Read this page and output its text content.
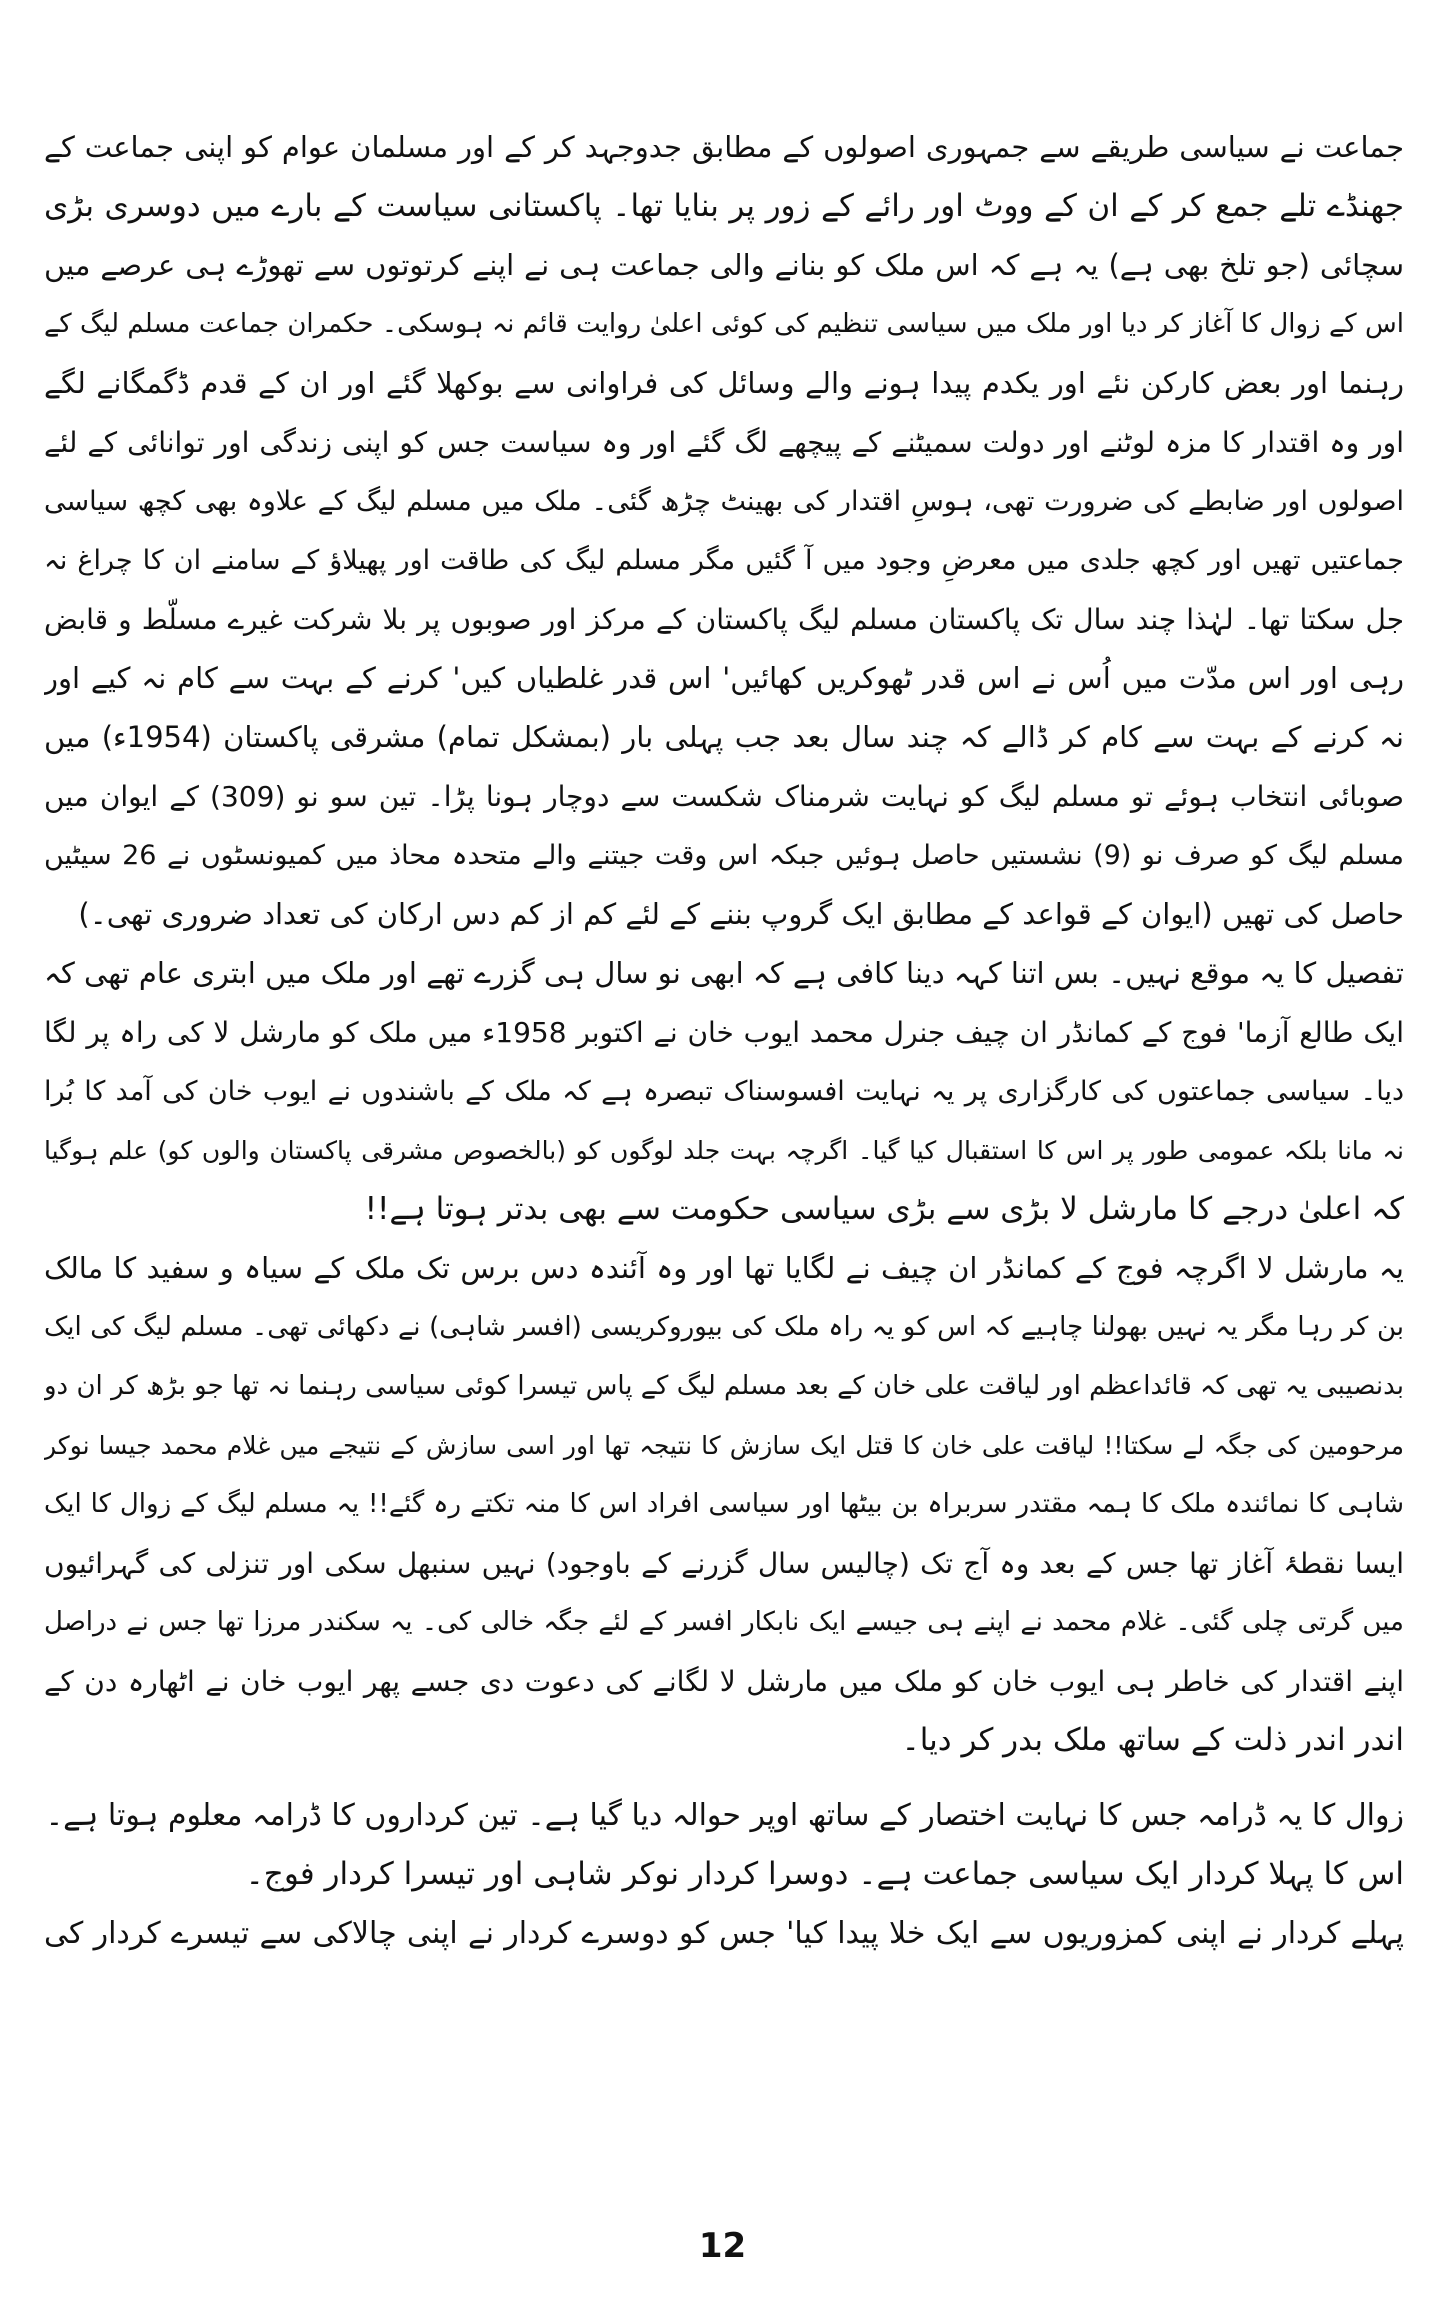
جماعت نے سیاسی طریقے سے جمہوری اصولوں کے مطابق جدوجہد کر کے اور مسلمان عوام کو اپنی جماعت کے
جھنڈے تلے جمع کر کے ان کے ووٹ اور رائے کے زور پر بنایا تھا۔ پاکستانی سیاست کے بارے میں دوسری بڑی
سچائی (جو تلخ بھی ہے) یہ ہے کہ اس ملک کو بنانے والی جماعت ہی نے اپنے کرتوتوں سے تھوڑے ہی عرصے میں
اس کے زوال کا آغاز کر دیا اور ملک میں سیاسی تنظیم کی کوئی اعلیٰ روایت قائم نہ ہوسکی۔ حکمران جماعت مسلم لیگ کے
رہنما اور بعض کارکن نئے اور یکدم پیدا ہونے والے وسائل کی فراوانی سے بوکھلا گئے اور ان کے قدم ڈگمگانے لگے
اور وہ اقتدار کا مزہ لوٹنے اور دولت سمیٹنے کے پیچھے لگ گئے اور وہ سیاست جس کو اپنی زندگی اور توانائی کے لئے
اصولوں اور ضابطے کی ضرورت تھی، ہوسِ اقتدار کی بھینٹ چڑھ گئی۔ ملک میں مسلم لیگ کے علاوہ بھی کچھ سیاسی
جماعتیں تھیں اور کچھ جلدی میں معرضِ وجود میں آ گئیں مگر مسلم لیگ کی طاقت اور پھیلاؤ کے سامنے ان کا چراغ نہ
جل سکتا تھا۔ لہٰذا چند سال تک پاکستان مسلم لیگ پاکستان کے مرکز اور صوبوں پر بلا شرکت غیرے مسلّط و قابض
رہی اور اس مدّت میں اُس نے اس قدر ٹھوکریں کھائیں' اس قدر غلطیاں کیں' کرنے کے بہت سے کام نہ کیے اور
نہ کرنے کے بہت سے کام کر ڈالے کہ چند سال بعد جب پہلی بار (بمشکل تمام) مشرقی پاکستان (1954ء) میں
صوبائی انتخاب ہوئے تو مسلم لیگ کو نہایت شرمناک شکست سے دوچار ہونا پڑا۔ تین سو نو (309) کے ایوان میں
مسلم لیگ کو صرف نو (9) نشستیں حاصل ہوئیں جبکہ اس وقت جیتنے والے متحدہ محاذ میں کمیونسٹوں نے 26 سیٹیں
حاصل کی تھیں (ایوان کے قواعد کے مطابق ایک گروپ بننے کے لئے کم از کم دس ارکان کی تعداد ضروری تھی۔)
تفصیل کا یہ موقع نہیں۔ بس اتنا کہہ دینا کافی ہے کہ ابھی نو سال ہی گزرے تھے اور ملک میں ابتری عام تھی کہ
ایک طالع آزما' فوج کے کمانڈر ان چیف جنرل محمد ایوب خان نے اکتوبر 1958ء میں ملک کو مارشل لا کی راہ پر لگا
دیا۔ سیاسی جماعتوں کی کارگزاری پر یہ نہایت افسوسناک تبصرہ ہے کہ ملک کے باشندوں نے ایوب خان کی آمد کا بُرا
نہ مانا بلکہ عمومی طور پر اس کا استقبال کیا گیا۔ اگرچہ بہت جلد لوگوں کو (بالخصوص مشرقی پاکستان والوں کو) علم ہوگیا
کہ اعلیٰ درجے کا مارشل لا بڑی سے بڑی سیاسی حکومت سے بھی بدتر ہوتا ہے!!
یہ مارشل لا اگرچہ فوج کے کمانڈر ان چیف نے لگایا تھا اور وہ آئندہ دس برس تک ملک کے سیاہ و سفید کا مالک
بن کر رہا مگر یہ نہیں بھولنا چاہیے کہ اس کو یہ راہ ملک کی بیوروکریسی (افسر شاہی) نے دکھائی تھی۔ مسلم لیگ کی ایک
بدنصیبی یہ تھی کہ قائداعظم اور لیاقت علی خان کے بعد مسلم لیگ کے پاس تیسرا کوئی سیاسی رہنما نہ تھا جو بڑھ کر ان دو
مرحومین کی جگہ لے سکتا!! لیاقت علی خان کا قتل ایک سازش کا نتیجہ تھا اور اسی سازش کے نتیجے میں غلام محمد جیسا نوکر
شاہی کا نمائندہ ملک کا ہمہ مقتدر سربراہ بن بیٹھا اور سیاسی افراد اس کا منہ تکتے رہ گئے!! یہ مسلم لیگ کے زوال کا ایک
ایسا نقطۂ آغاز تھا جس کے بعد وہ آج تک (چالیس سال گزرنے کے باوجود) نہیں سنبھل سکی اور تنزلی کی گہرائیوں
میں گرتی چلی گئی۔ غلام محمد نے اپنے ہی جیسے ایک نابکار افسر کے لئے جگہ خالی کی۔ یہ سکندر مرزا تھا جس نے دراصل
اپنے اقتدار کی خاطر ہی ایوب خان کو ملک میں مارشل لا لگانے کی دعوت دی جسے پھر ایوب خان نے اٹھارہ دن کے
اندر اندر ذلت کے ساتھ ملک بدر کر دیا۔
زوال کا یہ ڈرامہ جس کا نہایت اختصار کے ساتھ اوپر حوالہ دیا گیا ہے۔ تین کرداروں کا ڈرامہ معلوم ہوتا ہے۔
اس کا پہلا کردار ایک سیاسی جماعت ہے۔ دوسرا کردار نوکر شاہی اور تیسرا کردار فوج۔
پہلے کردار نے اپنی کمزوریوں سے ایک خلا پیدا کیا' جس کو دوسرے کردار نے اپنی چالاکی سے تیسرے کردار کی
12
